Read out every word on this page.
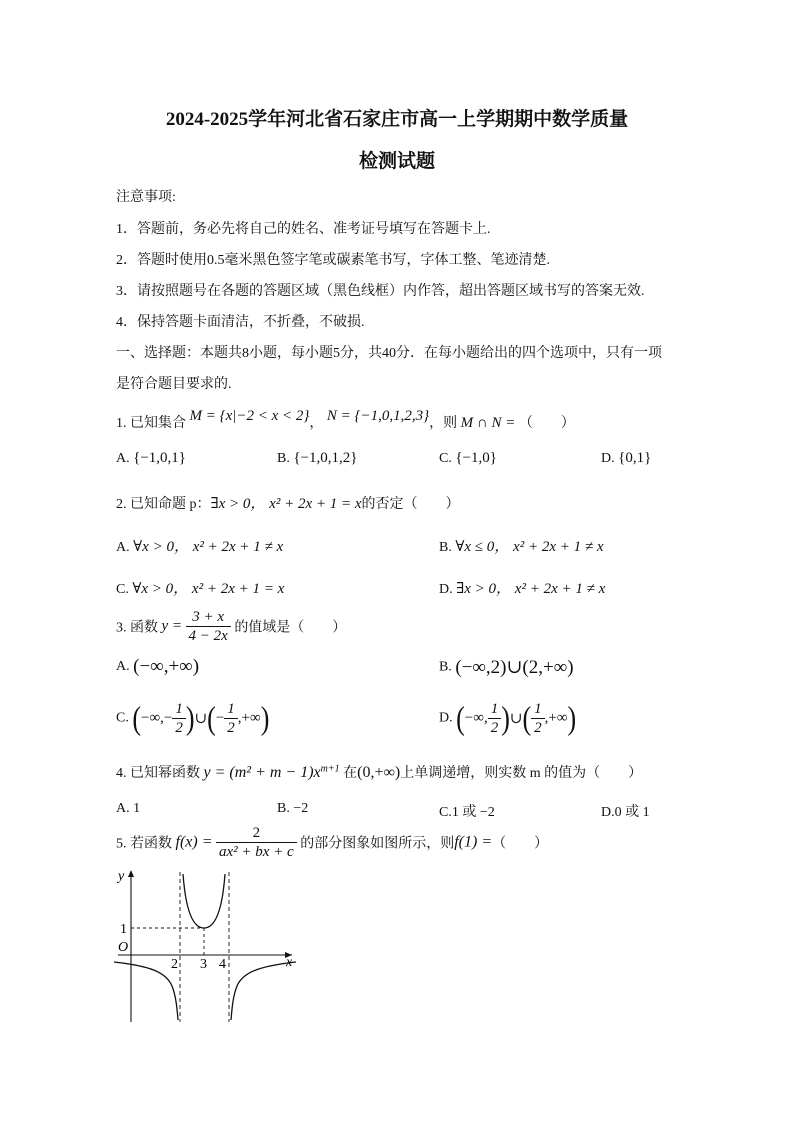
2024-2025学年河北省石家庄市高一上学期期中数学质量
检测试题
注意事项:
1．答题前，务必先将自己的姓名、准考证号填写在答题卡上.
2．答题时使用0.5毫米黑色签字笔或碳素笔书写，字体工整、笔迹清楚.
3．请按照题号在各题的答题区域（黑色线框）内作答，超出答题区域书写的答案无效.
4．保持答题卡面清洁，不折叠，不破损.
一、选择题：本题共8小题，每小题5分，共40分．在每小题给出的四个选项中，只有一项
是符合题目要求的.
1. 已知集合 M = {x|−2 < x < 2}， N = {−1,0,1,2,3}，则 M ∩ N = （　　）
A. {−1,0,1}	B. {−1,0,1,2}	C. {−1,0}	D. {0,1}
2. 已知命题 p：∃x > 0， x² + 2x + 1 = x的否定（　　）
A. ∀x > 0， x² + 2x + 1 ≠ x	B. ∀x ≤ 0， x² + 2x + 1 ≠ x
C. ∀x > 0， x² + 2x + 1 = x	D. ∃x > 0， x² + 2x + 1 ≠ x
3. 函数 $y = \frac{3 + x}{4 - 2x}$ 的值域是（　　）
A. (−∞,+∞)	B. (−∞,2)∪(2,+∞)
C. (−∞,− $\frac{1}{2}$ )∪(− $\frac{1}{2}$ ,+∞)	D. (−∞, $\frac{1}{2}$ )∪( $\frac{1}{2}$ ,+∞)
4. 已知幂函数 $y = (m^2 + m - 1)x^{m+1}$ 在(0,+∞)上单调递增，则实数 m 的值为（　　）
A. 1	B. −2	C.1 或 −2	D.0 或 1
5. 若函数 $f(x) = \frac{2}{\text{ax² + bx + c}}$ 的部分图象如图所示，则f(1) =（　　）
y
x
O
1
2 3 4
